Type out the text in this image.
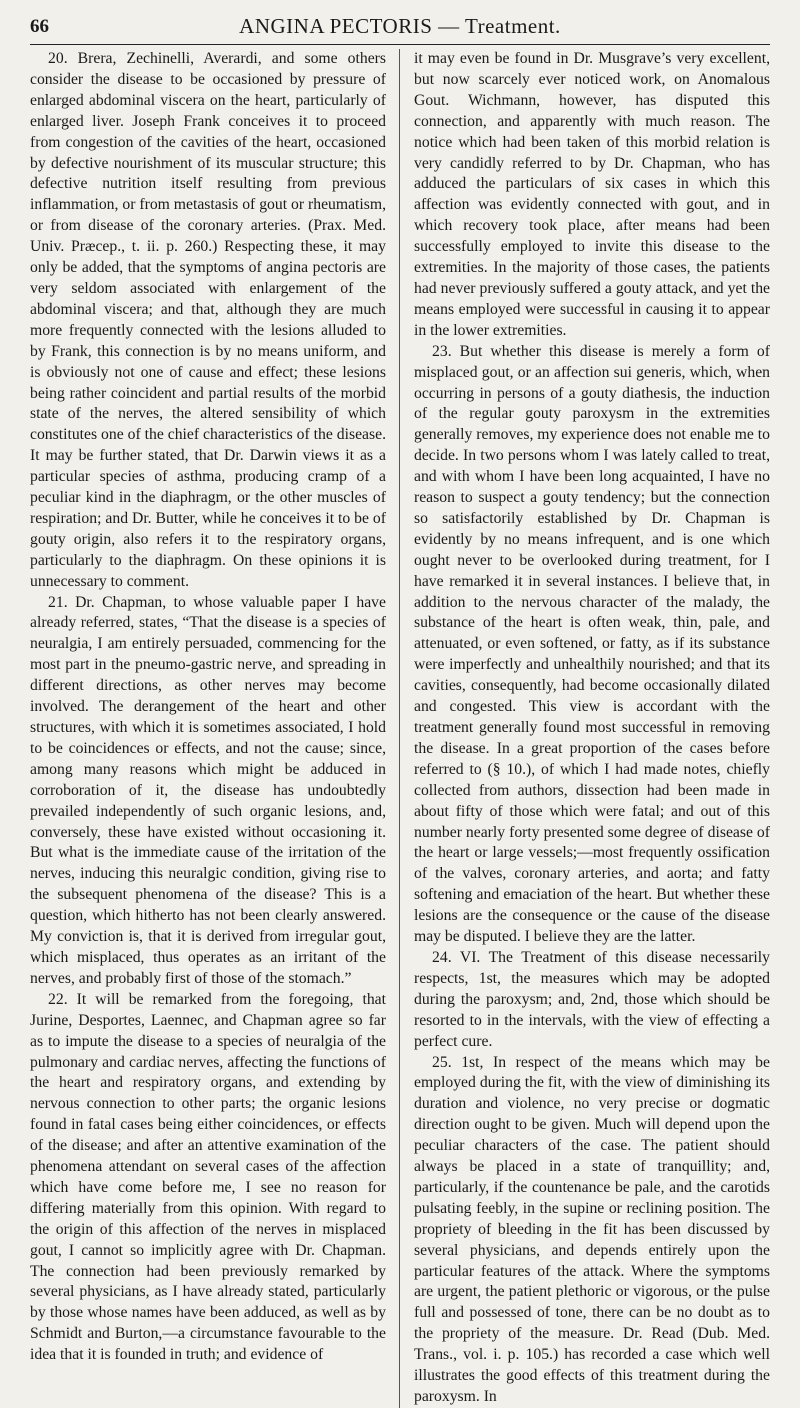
66	ANGINA PECTORIS — Treatment.

20. Brera, Zechinelli, Averardi, and some others consider the disease to be occasioned by pressure of enlarged abdominal viscera on the heart, particularly of enlarged liver. Joseph Frank conceives it to proceed from congestion of the cavities of the heart, occasioned by defective nourishment of its muscular structure; this defective nutrition itself resulting from previous inflammation, or from metastasis of gout or rheumatism, or from disease of the coronary arteries. (Prax. Med. Univ. Præcep., t. ii. p. 260.) Respecting these, it may only be added, that the symptoms of angina pectoris are very seldom associated with enlargement of the abdominal viscera; and that, although they are much more frequently connected with the lesions alluded to by Frank, this connection is by no means uniform, and is obviously not one of cause and effect; these lesions being rather coincident and partial results of the morbid state of the nerves, the altered sensibility of which constitutes one of the chief characteristics of the disease. It may be further stated, that Dr. Darwin views it as a particular species of asthma, producing cramp of a peculiar kind in the diaphragm, or the other muscles of respiration; and Dr. Butter, while he conceives it to be of gouty origin, also refers it to the respiratory organs, particularly to the diaphragm. On these opinions it is unnecessary to comment.

21. Dr. Chapman, to whose valuable paper I have already referred, states, “That the disease is a species of neuralgia, I am entirely persuaded, commencing for the most part in the pneumo-gastric nerve, and spreading in different directions, as other nerves may become involved. The derangement of the heart and other structures, with which it is sometimes associated, I hold to be coincidences or effects, and not the cause; since, among many reasons which might be adduced in corroboration of it, the disease has undoubtedly prevailed independently of such organic lesions, and, conversely, these have existed without occasioning it. But what is the immediate cause of the irritation of the nerves, inducing this neuralgic condition, giving rise to the subsequent phenomena of the disease? This is a question, which hitherto has not been clearly answered. My conviction is, that it is derived from irregular gout, which misplaced, thus operates as an irritant of the nerves, and probably first of those of the stomach.”

22. It will be remarked from the foregoing, that Jurine, Desportes, Laennec, and Chapman agree so far as to impute the disease to a species of neuralgia of the pulmonary and cardiac nerves, affecting the functions of the heart and respiratory organs, and extending by nervous connection to other parts; the organic lesions found in fatal cases being either coincidences, or effects of the disease; and after an attentive examination of the phenomena attendant on several cases of the affection which have come before me, I see no reason for differing materially from this opinion. With regard to the origin of this affection of the nerves in misplaced gout, I cannot so implicitly agree with Dr. Chapman. The connection had been previously remarked by several physicians, as I have already stated, particularly by those whose names have been adduced, as well as by Schmidt and Burton,—a circumstance favourable to the idea that it is founded in truth; and evidence of

it may even be found in Dr. Musgrave’s very excellent, but now scarcely ever noticed work, on Anomalous Gout. Wichmann, however, has disputed this connection, and apparently with much reason. The notice which had been taken of this morbid relation is very candidly referred to by Dr. Chapman, who has adduced the particulars of six cases in which this affection was evidently connected with gout, and in which recovery took place, after means had been successfully employed to invite this disease to the extremities. In the majority of those cases, the patients had never previously suffered a gouty attack, and yet the means employed were successful in causing it to appear in the lower extremities.

23. But whether this disease is merely a form of misplaced gout, or an affection sui generis, which, when occurring in persons of a gouty diathesis, the induction of the regular gouty paroxysm in the extremities generally removes, my experience does not enable me to decide. In two persons whom I was lately called to treat, and with whom I have been long acquainted, I have no reason to suspect a gouty tendency; but the connection so satisfactorily established by Dr. Chapman is evidently by no means infrequent, and is one which ought never to be overlooked during treatment, for I have remarked it in several instances. I believe that, in addition to the nervous character of the malady, the substance of the heart is often weak, thin, pale, and attenuated, or even softened, or fatty, as if its substance were imperfectly and unhealthily nourished; and that its cavities, consequently, had become occasionally dilated and congested. This view is accordant with the treatment generally found most successful in removing the disease. In a great proportion of the cases before referred to (§ 10.), of which I had made notes, chiefly collected from authors, dissection had been made in about fifty of those which were fatal; and out of this number nearly forty presented some degree of disease of the heart or large vessels;—most frequently ossification of the valves, coronary arteries, and aorta; and fatty softening and emaciation of the heart. But whether these lesions are the consequence or the cause of the disease may be disputed. I believe they are the latter.

24. VI. The Treatment of this disease necessarily respects, 1st, the measures which may be adopted during the paroxysm; and, 2nd, those which should be resorted to in the intervals, with the view of effecting a perfect cure.

25. 1st, In respect of the means which may be employed during the fit, with the view of diminishing its duration and violence, no very precise or dogmatic direction ought to be given. Much will depend upon the peculiar characters of the case. The patient should always be placed in a state of tranquillity; and, particularly, if the countenance be pale, and the carotids pulsating feebly, in the supine or reclining position. The propriety of bleeding in the fit has been discussed by several physicians, and depends entirely upon the particular features of the attack. Where the symptoms are urgent, the patient plethoric or vigorous, or the pulse full and possessed of tone, there can be no doubt as to the propriety of the measure. Dr. Read (Dub. Med. Trans., vol. i. p. 105.) has recorded a case which well illustrates the good effects of this treatment during the paroxysm. In
